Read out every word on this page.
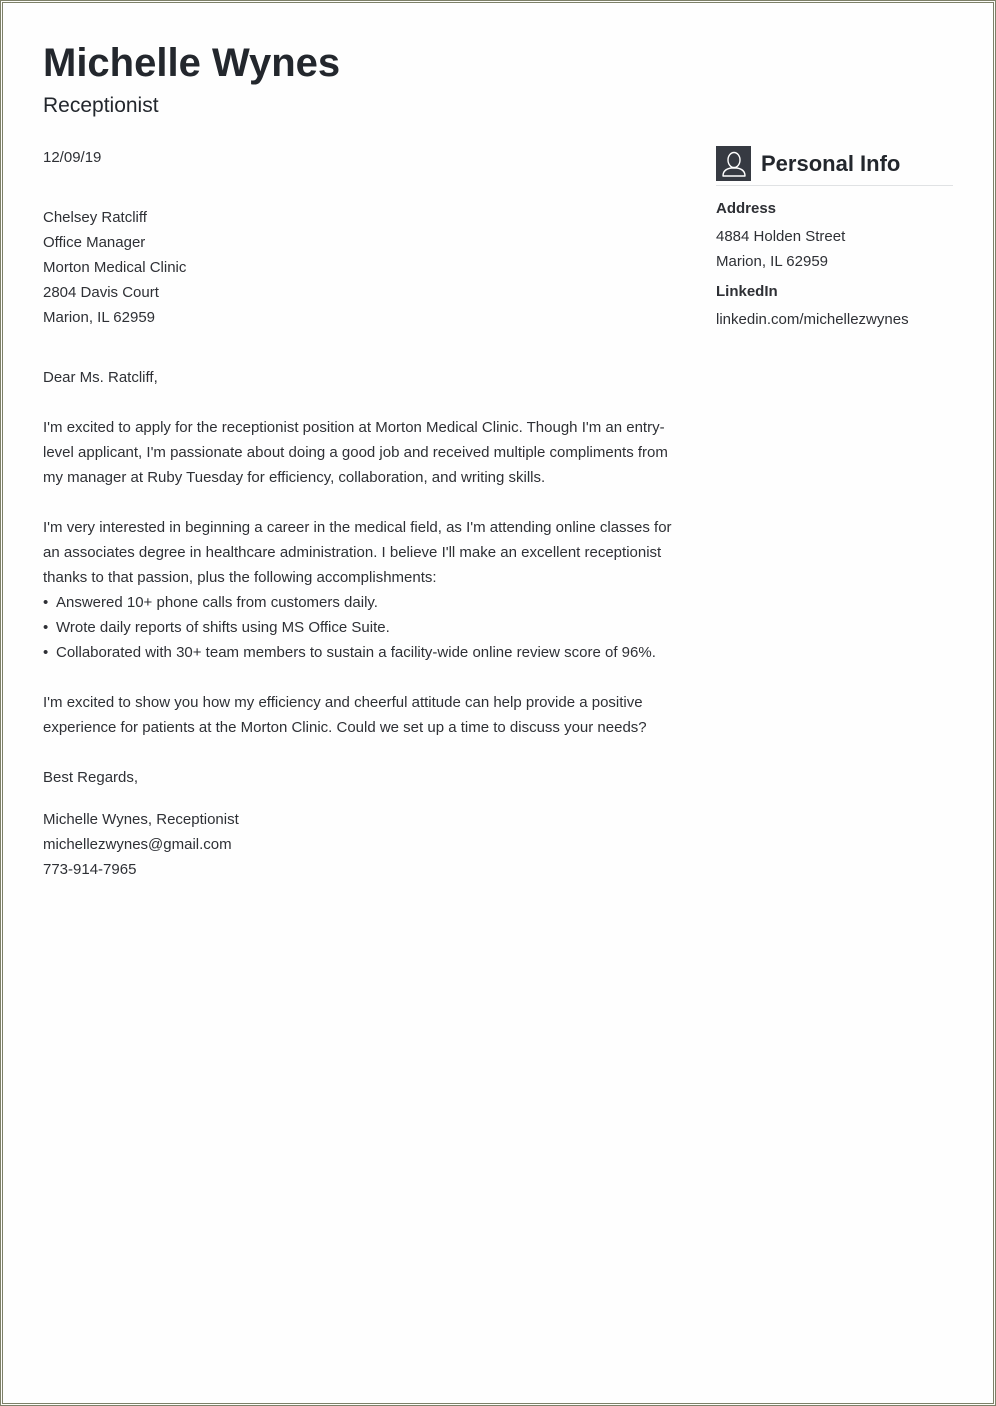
Michelle Wynes
Receptionist

12/09/19

Chelsey Ratcliff

Office Manager

Morton Medical Clinic

2804 Davis Court

Marion, IL 62959

Dear Ms. Ratcliff,

I'm excited to apply for the receptionist position at Morton Medical Clinic. Though I'm an entry-level applicant, I'm passionate about doing a good job and received multiple compliments from my manager at Ruby Tuesday for efficiency, collaboration, and writing skills.

I'm very interested in beginning a career in the medical field, as I'm attending online classes for an associates degree in healthcare administration. I believe I'll make an excellent receptionist thanks to that passion, plus the following accomplishments:

• Answered 10+ phone calls from customers daily.
• Wrote daily reports of shifts using MS Office Suite.
• Collaborated with 30+ team members to sustain a facility-wide online review score of 96%.

I'm excited to show you how my efficiency and cheerful attitude can help provide a positive experience for patients at the Morton Clinic. Could we set up a time to discuss your needs?

Best Regards,

Michelle Wynes, Receptionist

michellezwynes@gmail.com

773-914-7965

Personal Info
Address
4884 Holden Street
Marion, IL 62959
LinkedIn
linkedin.com/michellezwynes
